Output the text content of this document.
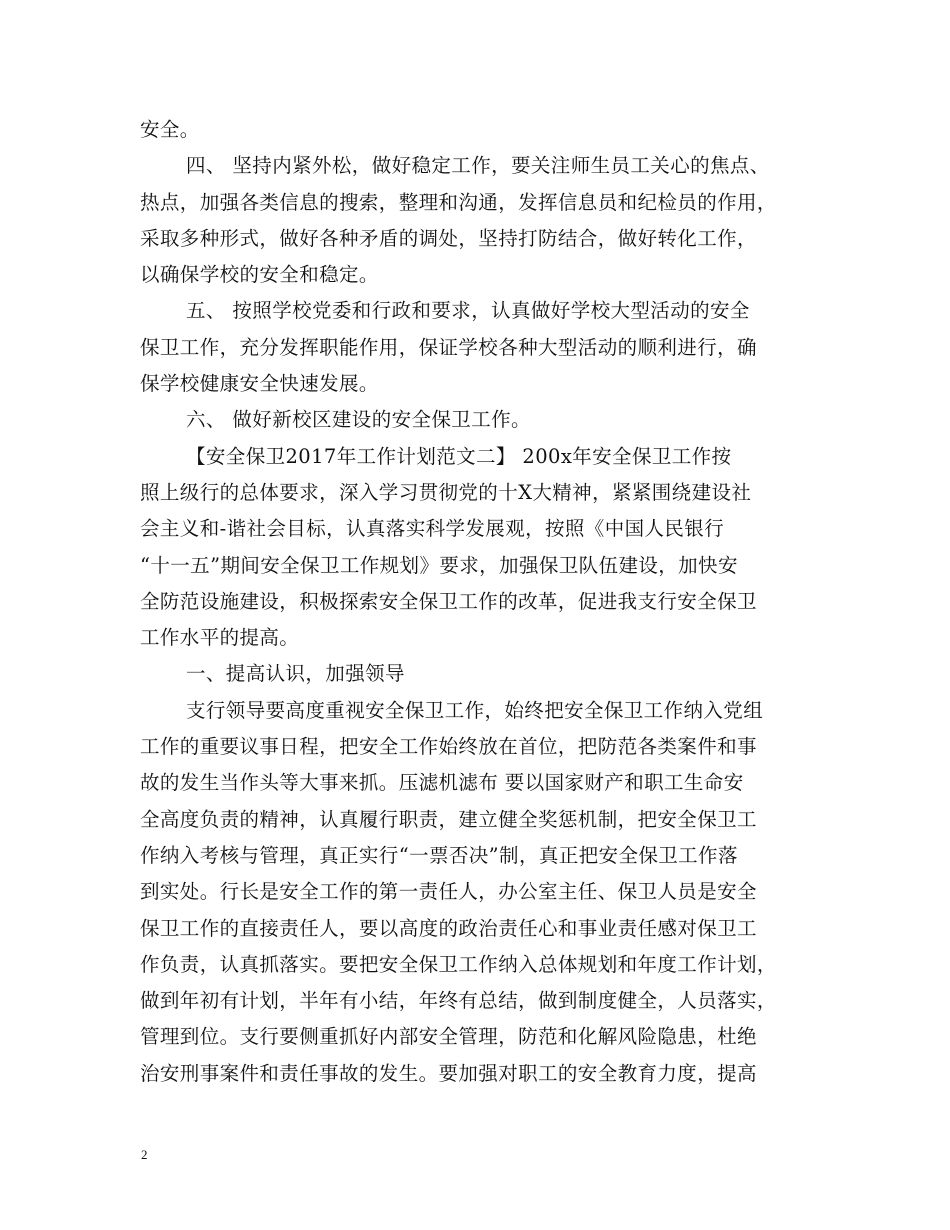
安全。
四、 坚持内紧外松，做好稳定工作，要关注师生员工关心的焦点、
热点，加强各类信息的搜索，整理和沟通，发挥信息员和纪检员的作用，
采取多种形式，做好各种矛盾的调处，坚持打防结合，做好转化工作，
以确保学校的安全和稳定。
五、 按照学校党委和行政和要求，认真做好学校大型活动的安全
保卫工作，充分发挥职能作用，保证学校各种大型活动的顺利进行，确
保学校健康安全快速发展。
六、 做好新校区建设的安全保卫工作。
【安全保卫2017年工作计划范文二】 200x年安全保卫工作按
照上级行的总体要求，深入学习贯彻党的十X大精神，紧紧围绕建设社
会主义和-谐社会目标，认真落实科学发展观，按照《中国人民银行
“十一五”期间安全保卫工作规划》要求，加强保卫队伍建设，加快安
全防范设施建设，积极探索安全保卫工作的改革，促进我支行安全保卫
工作水平的提高。
一、提高认识，加强领导
支行领导要高度重视安全保卫工作，始终把安全保卫工作纳入党组
工作的重要议事日程，把安全工作始终放在首位，把防范各类案件和事
故的发生当作头等大事来抓。压滤机滤布 要以国家财产和职工生命安
全高度负责的精神，认真履行职责，建立健全奖惩机制，把安全保卫工
作纳入考核与管理，真正实行“一票否决”制，真正把安全保卫工作落
到实处。行长是安全工作的第一责任人，办公室主任、保卫人员是安全
保卫工作的直接责任人，要以高度的政治责任心和事业责任感对保卫工
作负责，认真抓落实。要把安全保卫工作纳入总体规划和年度工作计划，
做到年初有计划，半年有小结，年终有总结，做到制度健全，人员落实，
管理到位。支行要侧重抓好内部安全管理，防范和化解风险隐患，杜绝
治安刑事案件和责任事故的发生。要加强对职工的安全教育力度，提高
2
